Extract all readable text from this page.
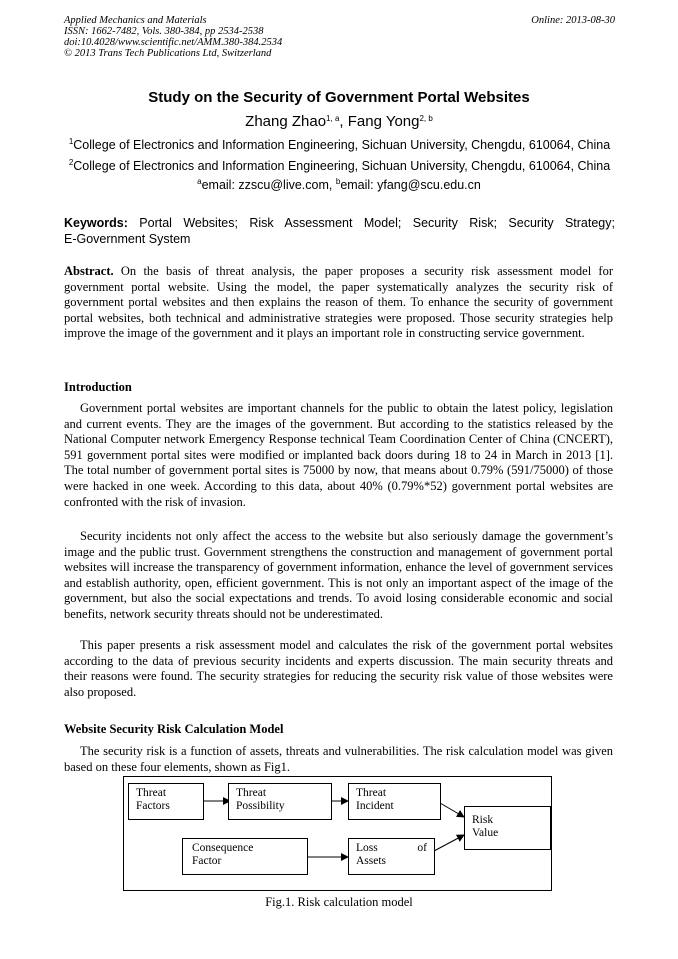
Applied Mechanics and Materials
ISSN: 1662-7482, Vols. 380-384, pp 2534-2538
doi:10.4028/www.scientific.net/AMM.380-384.2534
© 2013 Trans Tech Publications Ltd, Switzerland
Online: 2013-08-30
Study on the Security of Government Portal Websites
Zhang Zhao$^{1, a}$, Fang Yong$^{2, b}$
$^1$College of Electronics and Information Engineering, Sichuan University, Chengdu, 610064, China
$^2$College of Electronics and Information Engineering, Sichuan University, Chengdu, 610064, China
$^a$email: zzscu@live.com, $^b$email: yfang@scu.edu.cn
Keywords: Portal Websites; Risk Assessment Model; Security Risk; Security Strategy;
E-Government System
Abstract. On the basis of threat analysis, the paper proposes a security risk assessment model for government portal website. Using the model, the paper systematically analyzes the security risk of government portal websites and then explains the reason of them. To enhance the security of government portal websites, both technical and administrative strategies were proposed. Those security strategies help improve the image of the government and it plays an important role in constructing service government.
Introduction
Government portal websites are important channels for the public to obtain the latest policy, legislation and current events. They are the images of the government. But according to the statistics released by the National Computer network Emergency Response technical Team Coordination Center of China (CNCERT), 591 government portal sites were modified or implanted back doors during 18 to 24 in March in 2013 [1]. The total number of government portal sites is 75000 by now, that means about 0.79% (591/75000) of those were hacked in one week. According to this data, about 40% (0.79%*52) government portal websites are confronted with the risk of invasion.
Security incidents not only affect the access to the website but also seriously damage the government’s image and the public trust. Government strengthens the construction and management of government portal websites will increase the transparency of government information, enhance the level of government services and establish authority, open, efficient government. This is not only an important aspect of the image of the government, but also the social expectations and trends. To avoid losing considerable economic and social benefits, network security threats should not be underestimated.
This paper presents a risk assessment model and calculates the risk of the government portal websites according to the data of previous security incidents and experts discussion. The main security threats and their reasons were found. The security strategies for reducing the security risk value of those websites were also proposed.
Website Security Risk Calculation Model
The security risk is a function of assets, threats and vulnerabilities. The risk calculation model was given based on these four elements, shown as Fig1.
Threat
Factors
Threat
Possibility
Threat
Incident
Risk
Value
Consequence
Factor
Loss	of
Assets
Fig.1. Risk calculation model
